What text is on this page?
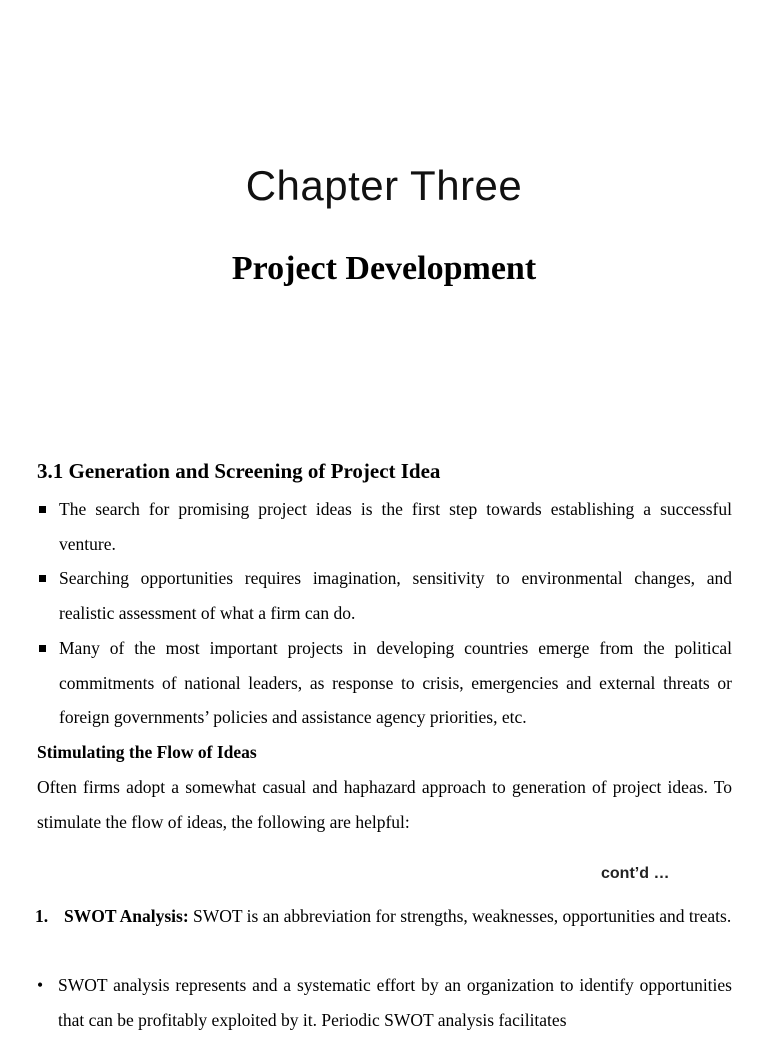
Chapter Three
Project Development
3.1 Generation and Screening of Project Idea
The search for promising project ideas is the first step towards establishing a successful venture.
Searching opportunities requires imagination, sensitivity to environmental changes, and realistic assessment of what a firm can do.
Many of the most important projects in developing countries emerge from the political commitments of national leaders, as response to crisis, emergencies and external threats or foreign governments’ policies and assistance agency priorities, etc.
Stimulating the Flow of Ideas

Often firms adopt a somewhat casual and haphazard approach to generation of project ideas. To stimulate the flow of ideas, the following are helpful:

cont’d …
1. SWOT Analysis: SWOT is an abbreviation for strengths, weaknesses, opportunities and treats.
• SWOT analysis represents and a systematic effort by an organization to identify opportunities that can be profitably exploited by it. Periodic SWOT analysis facilitates
